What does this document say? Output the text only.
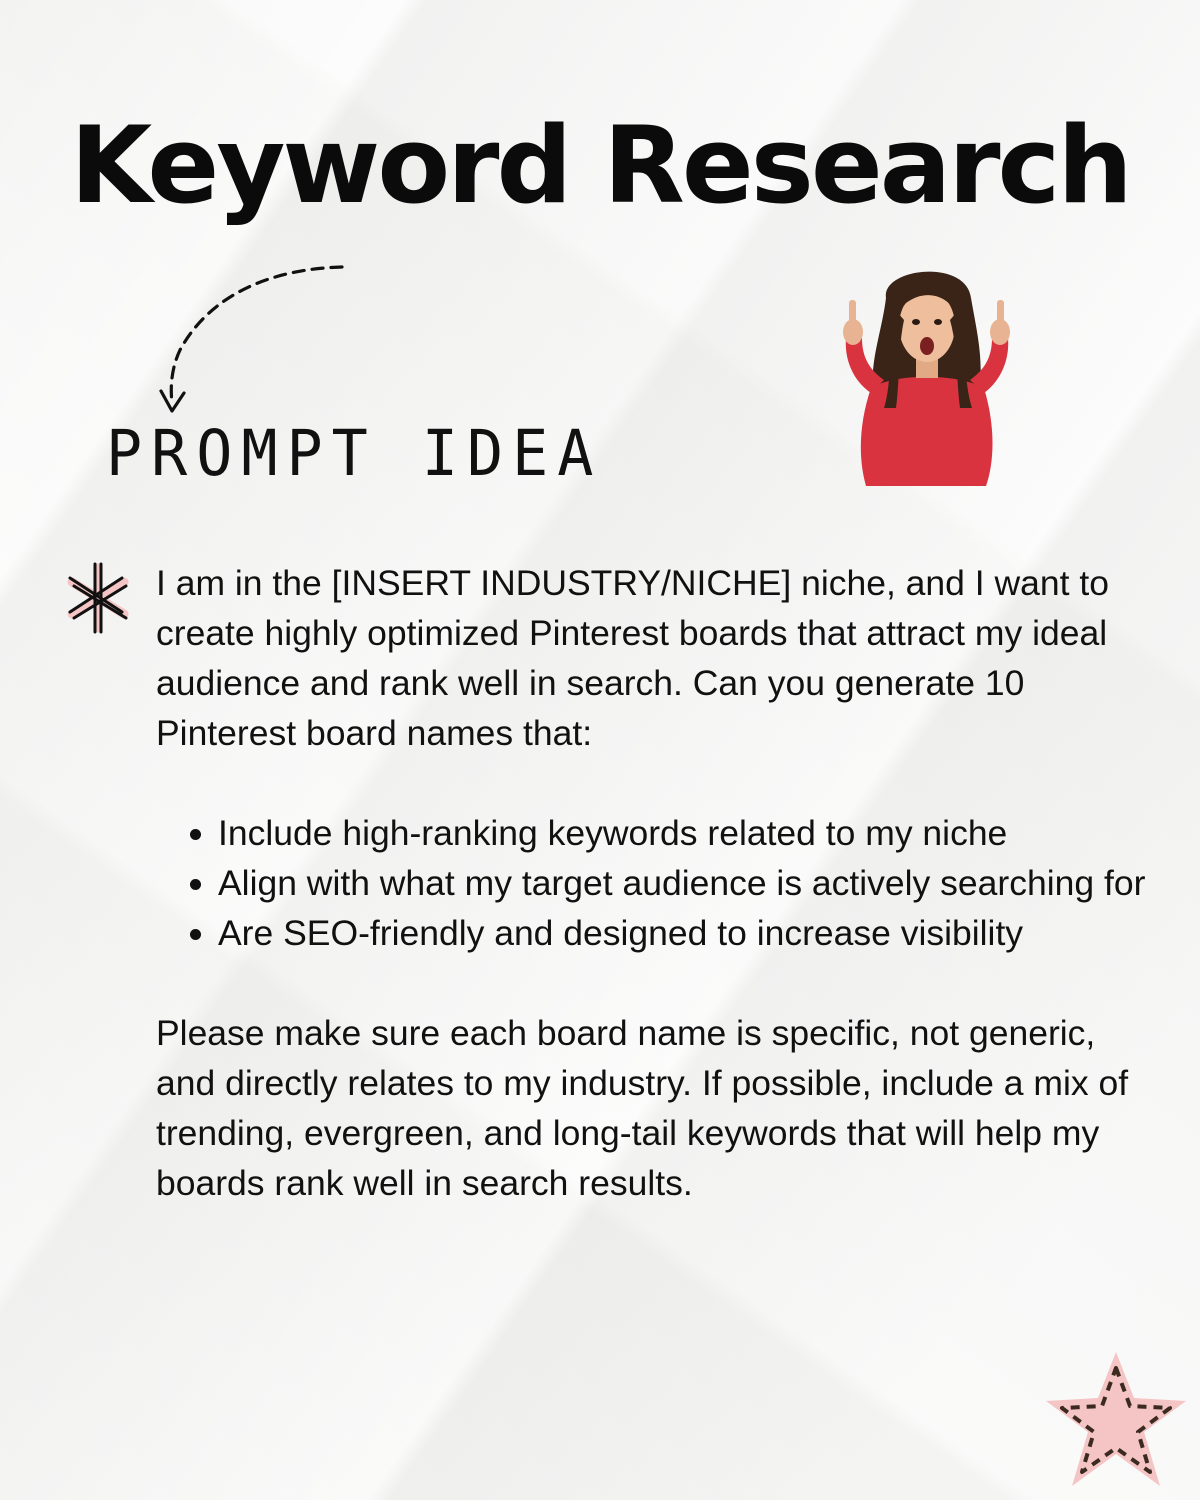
Keyword Research
PROMPT IDEA

I am in the [INSERT INDUSTRY/NICHE] niche, and I want to create highly optimized Pinterest boards that attract my ideal audience and rank well in search. Can you generate 10 Pinterest board names that:

Include high-ranking keywords related to my niche
Align with what my target audience is actively searching for
Are SEO-friendly and designed to increase visibility

Please make sure each board name is specific, not generic, and directly relates to my industry. If possible, include a mix of trending, evergreen, and long-tail keywords that will help my boards rank well in search results.
